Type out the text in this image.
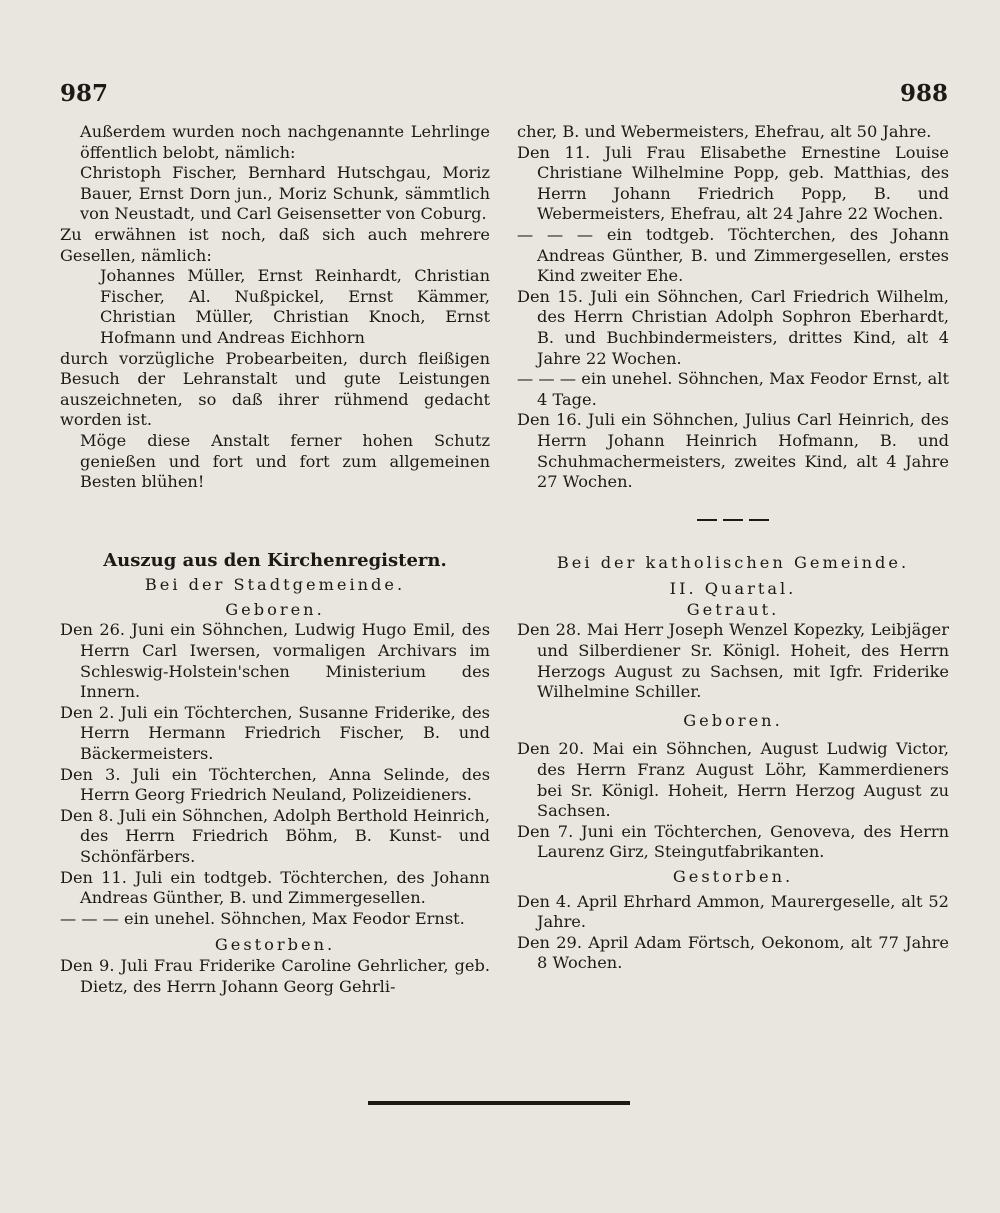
987	988

Außerdem wurden noch nachgenannte Lehrlinge öffentlich belobt, nämlich:

Christoph Fischer, Bernhard Hutschgau, Moriz Bauer, Ernst Dorn jun., Moriz Schunk, sämmtlich von Neustadt, und Carl Geisensetter von Coburg.

Zu erwähnen ist noch, daß sich auch mehrere Gesellen, nämlich:

Johannes Müller, Ernst Reinhardt, Christian Fischer, Al. Nußpickel, Ernst Kämmer, Christian Müller, Christian Knoch, Ernst Hofmann und Andreas Eichhorn

durch vorzügliche Probearbeiten, durch fleißigen Besuch der Lehranstalt und gute Leistungen auszeichneten, so daß ihrer rühmend gedacht worden ist.

Möge diese Anstalt ferner hohen Schutz genießen und fort und fort zum allgemeinen Besten blühen!

Auszug aus den Kirchenregistern.

Bei der Stadtgemeinde.

Geboren.

Den 26. Juni ein Söhnchen, Ludwig Hugo Emil, des Herrn Carl Iwersen, vormaligen Archivars im Schleswig-Holstein'schen Ministerium des Innern.

Den 2. Juli ein Töchterchen, Susanne Friderike, des Herrn Hermann Friedrich Fischer, B. und Bäckermeisters.

Den 3. Juli ein Töchterchen, Anna Selinde, des Herrn Georg Friedrich Neuland, Polizeidieners.

Den 8. Juli ein Söhnchen, Adolph Berthold Heinrich, des Herrn Friedrich Böhm, B. Kunst- und Schönfärbers.

Den 11. Juli ein todtgeb. Töchterchen, des Johann Andreas Günther, B. und Zimmergesellen.

— — — ein unehel. Söhnchen, Max Feodor Ernst.

Gestorben.

Den 9. Juli Frau Friderike Caroline Gehrlicher, geb. Dietz, des Herrn Johann Georg Gehrli-

cher, B. und Webermeisters, Ehefrau, alt 50 Jahre.

Den 11. Juli Frau Elisabethe Ernestine Louise Christiane Wilhelmine Popp, geb. Matthias, des Herrn Johann Friedrich Popp, B. und Webermeisters, Ehefrau, alt 24 Jahre 22 Wochen.

— — — ein todtgeb. Töchterchen, des Johann Andreas Günther, B. und Zimmergesellen, erstes Kind zweiter Ehe.

Den 15. Juli ein Söhnchen, Carl Friedrich Wilhelm, des Herrn Christian Adolph Sophron Eberhardt, B. und Buchbindermeisters, drittes Kind, alt 4 Jahre 22 Wochen.

— — — ein unehel. Söhnchen, Max Feodor Ernst, alt 4 Tage.

Den 16. Juli ein Söhnchen, Julius Carl Heinrich, des Herrn Johann Heinrich Hofmann, B. und Schuhmachermeisters, zweites Kind, alt 4 Jahre 27 Wochen.

Bei der katholischen Gemeinde.

II. Quartal.

Getraut.

Den 28. Mai Herr Joseph Wenzel Kopezky, Leibjäger und Silberdiener Sr. Königl. Hoheit, des Herrn Herzogs August zu Sachsen, mit Igfr. Friderike Wilhelmine Schiller.

Geboren.

Den 20. Mai ein Söhnchen, August Ludwig Victor, des Herrn Franz August Löhr, Kammerdieners bei Sr. Königl. Hoheit, Herrn Herzog August zu Sachsen.

Den 7. Juni ein Töchterchen, Genoveva, des Herrn Laurenz Girz, Steingutfabrikanten.

Gestorben.

Den 4. April Ehrhard Ammon, Maurergeselle, alt 52 Jahre.

Den 29. April Adam Förtsch, Oekonom, alt 77 Jahre 8 Wochen.
